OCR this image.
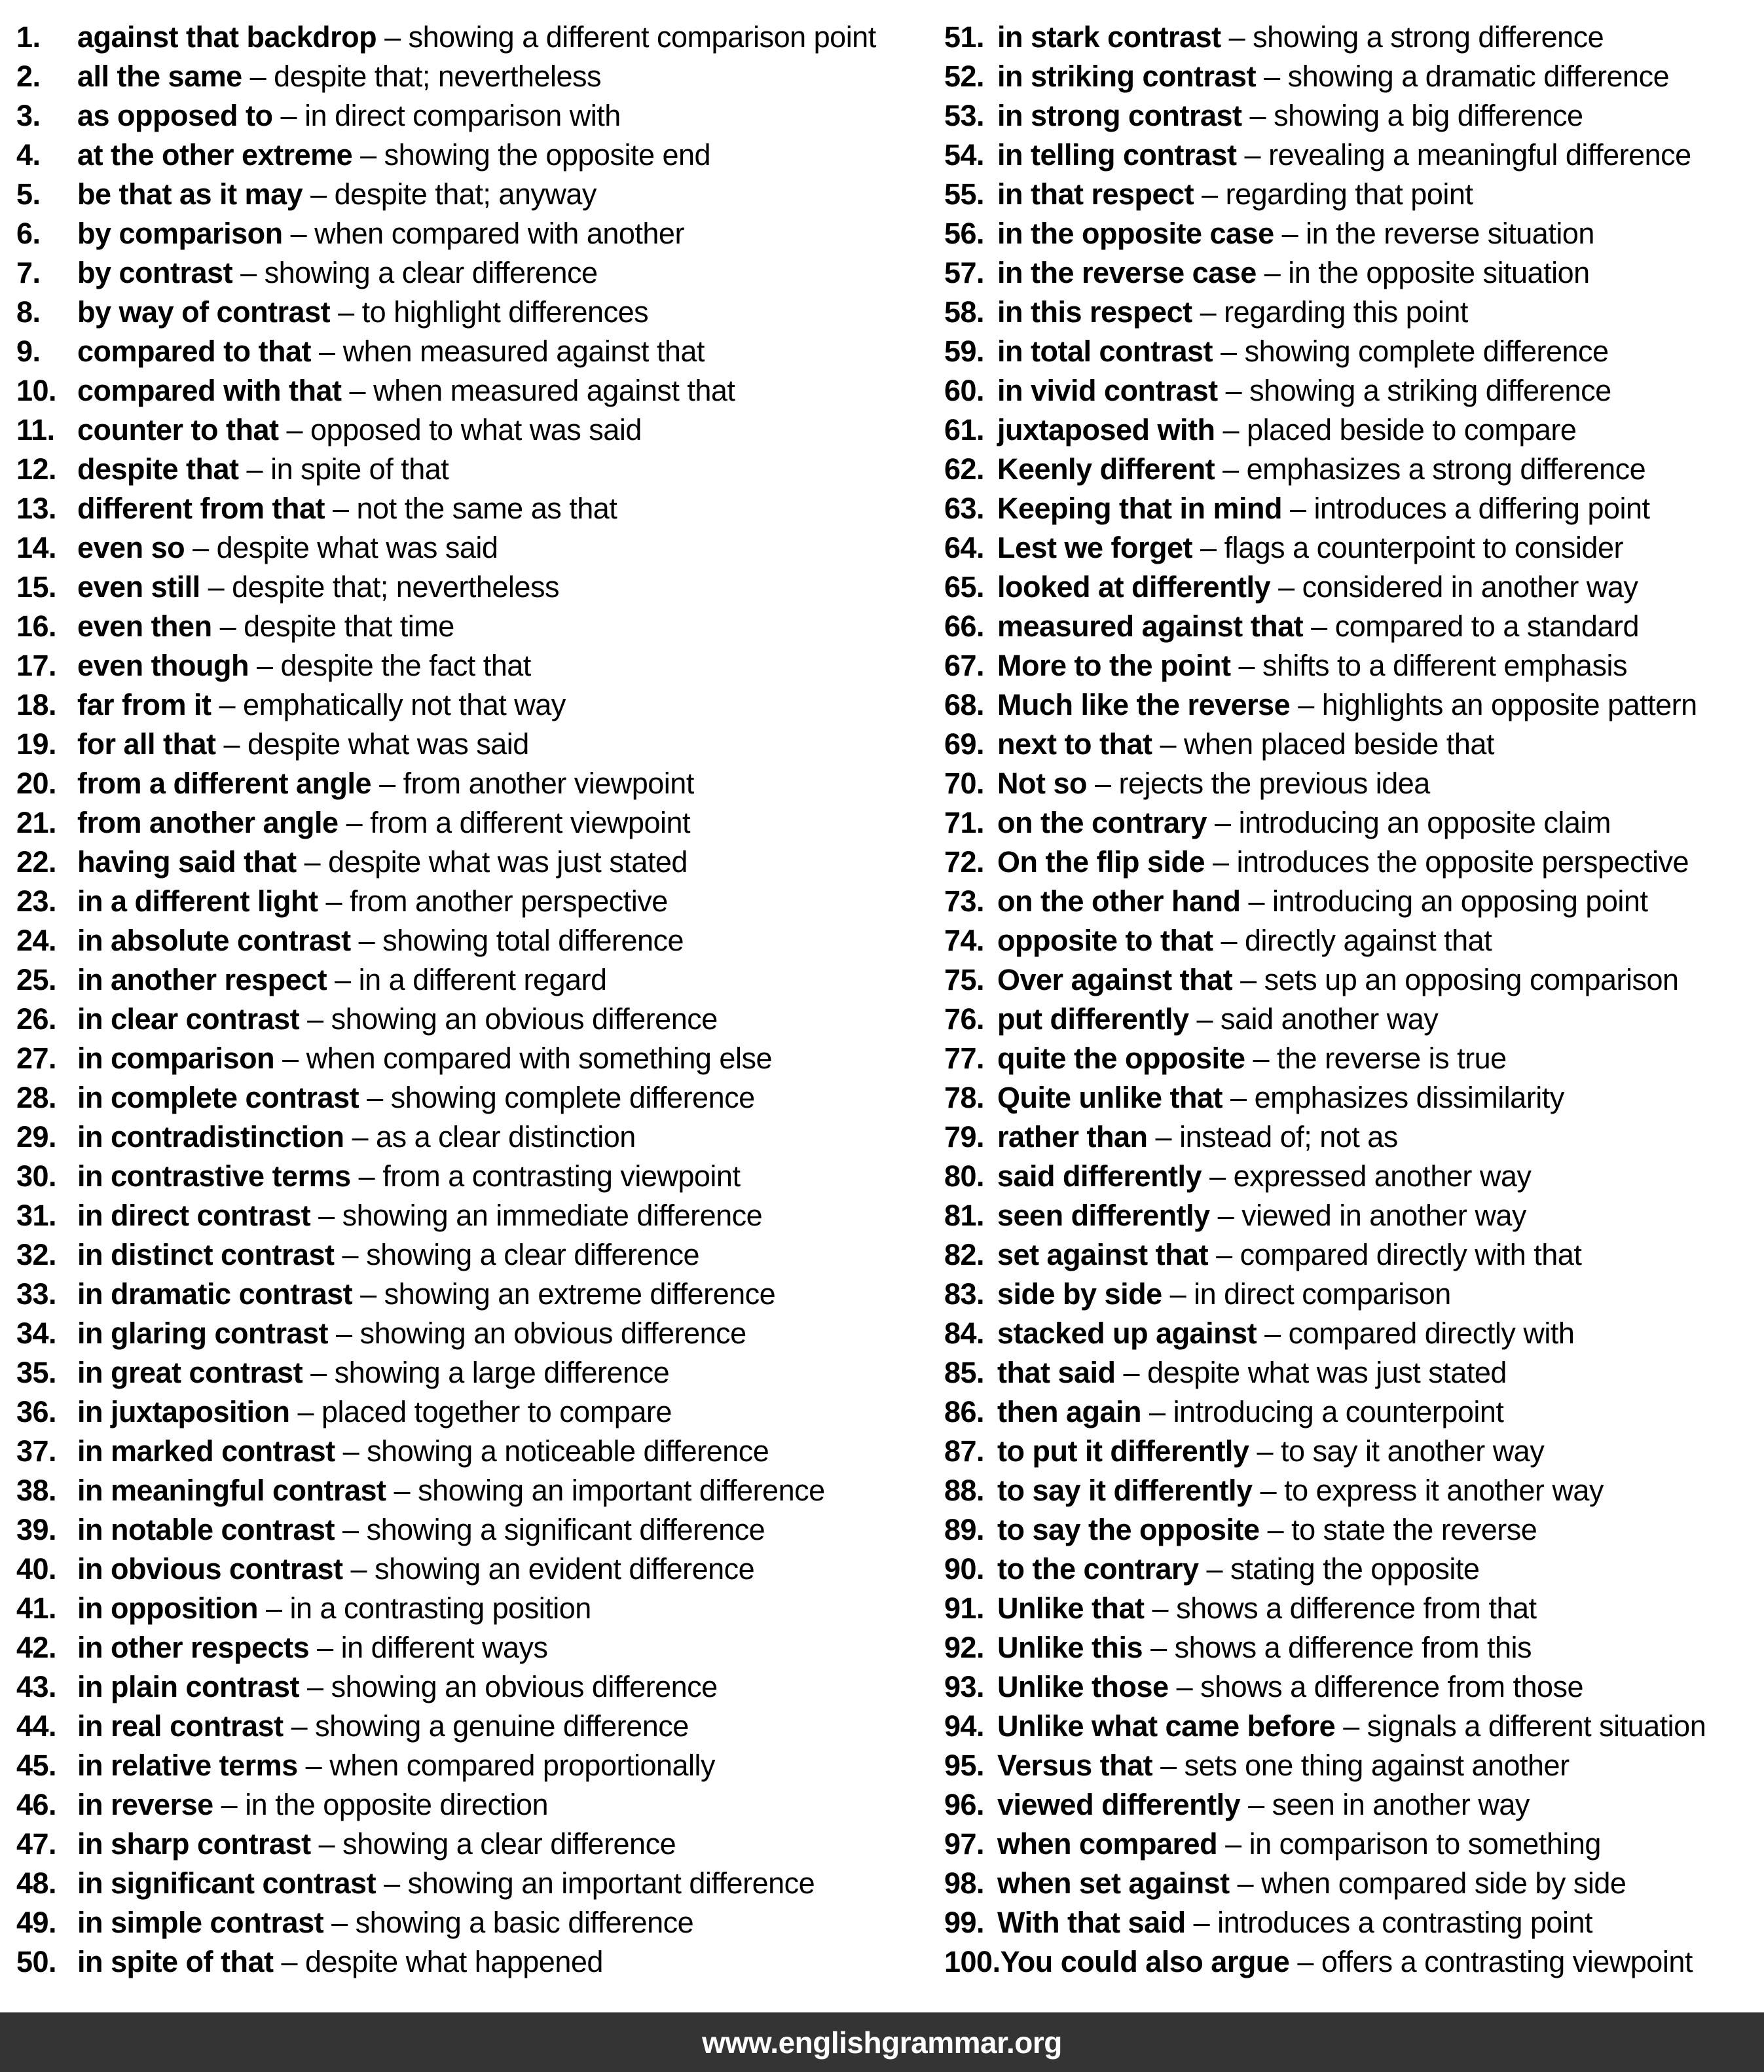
1.	against that backdrop – showing a different comparison point
2.	all the same – despite that; nevertheless
3.	as opposed to – in direct comparison with
4.	at the other extreme – showing the opposite end
5.	be that as it may – despite that; anyway
6.	by comparison – when compared with another
7.	by contrast – showing a clear difference
8.	by way of contrast – to highlight differences
9.	compared to that – when measured against that
10. compared with that – when measured against that
11. counter to that – opposed to what was said
12. despite that – in spite of that
13. different from that – not the same as that
14. even so – despite what was said
15. even still – despite that; nevertheless
16. even then – despite that time
17. even though – despite the fact that
18. far from it – emphatically not that way
19. for all that – despite what was said
20. from a different angle – from another viewpoint
21. from another angle – from a different viewpoint
22. having said that – despite what was just stated
23. in a different light – from another perspective
24. in absolute contrast – showing total difference
25. in another respect – in a different regard
26. in clear contrast – showing an obvious difference
27. in comparison – when compared with something else
28. in complete contrast – showing complete difference
29. in contradistinction – as a clear distinction
30. in contrastive terms – from a contrasting viewpoint
31. in direct contrast – showing an immediate difference
32. in distinct contrast – showing a clear difference
33. in dramatic contrast – showing an extreme difference
34. in glaring contrast – showing an obvious difference
35. in great contrast – showing a large difference
36. in juxtaposition – placed together to compare
37. in marked contrast – showing a noticeable difference
38. in meaningful contrast – showing an important difference
39. in notable contrast – showing a significant difference
40. in obvious contrast – showing an evident difference
41. in opposition – in a contrasting position
42. in other respects – in different ways
43. in plain contrast – showing an obvious difference
44. in real contrast – showing a genuine difference
45. in relative terms – when compared proportionally
46. in reverse – in the opposite direction
47. in sharp contrast – showing a clear difference
48. in significant contrast – showing an important difference
49. in simple contrast – showing a basic difference
50. in spite of that – despite what happened
51. in stark contrast – showing a strong difference
52. in striking contrast – showing a dramatic difference
53. in strong contrast – showing a big difference
54. in telling contrast – revealing a meaningful difference
55. in that respect – regarding that point
56. in the opposite case – in the reverse situation
57. in the reverse case – in the opposite situation
58. in this respect – regarding this point
59. in total contrast – showing complete difference
60. in vivid contrast – showing a striking difference
61. juxtaposed with – placed beside to compare
62. Keenly different – emphasizes a strong difference
63. Keeping that in mind – introduces a differing point
64. Lest we forget – flags a counterpoint to consider
65. looked at differently – considered in another way
66. measured against that – compared to a standard
67. More to the point – shifts to a different emphasis
68. Much like the reverse – highlights an opposite pattern
69. next to that – when placed beside that
70. Not so – rejects the previous idea
71. on the contrary – introducing an opposite claim
72. On the flip side – introduces the opposite perspective
73. on the other hand – introducing an opposing point
74. opposite to that – directly against that
75. Over against that – sets up an opposing comparison
76. put differently – said another way
77. quite the opposite – the reverse is true
78. Quite unlike that – emphasizes dissimilarity
79. rather than – instead of; not as
80. said differently – expressed another way
81. seen differently – viewed in another way
82. set against that – compared directly with that
83. side by side – in direct comparison
84. stacked up against – compared directly with
85. that said – despite what was just stated
86. then again – introducing a counterpoint
87. to put it differently – to say it another way
88. to say it differently – to express it another way
89. to say the opposite – to state the reverse
90. to the contrary – stating the opposite
91. Unlike that – shows a difference from that
92. Unlike this – shows a difference from this
93. Unlike those – shows a difference from those
94. Unlike what came before – signals a different situation
95. Versus that – sets one thing against another
96. viewed differently – seen in another way
97. when compared – in comparison to something
98. when set against – when compared side by side
99. With that said – introduces a contrasting point
100. You could also argue – offers a contrasting viewpoint
www.englishgrammar.org
